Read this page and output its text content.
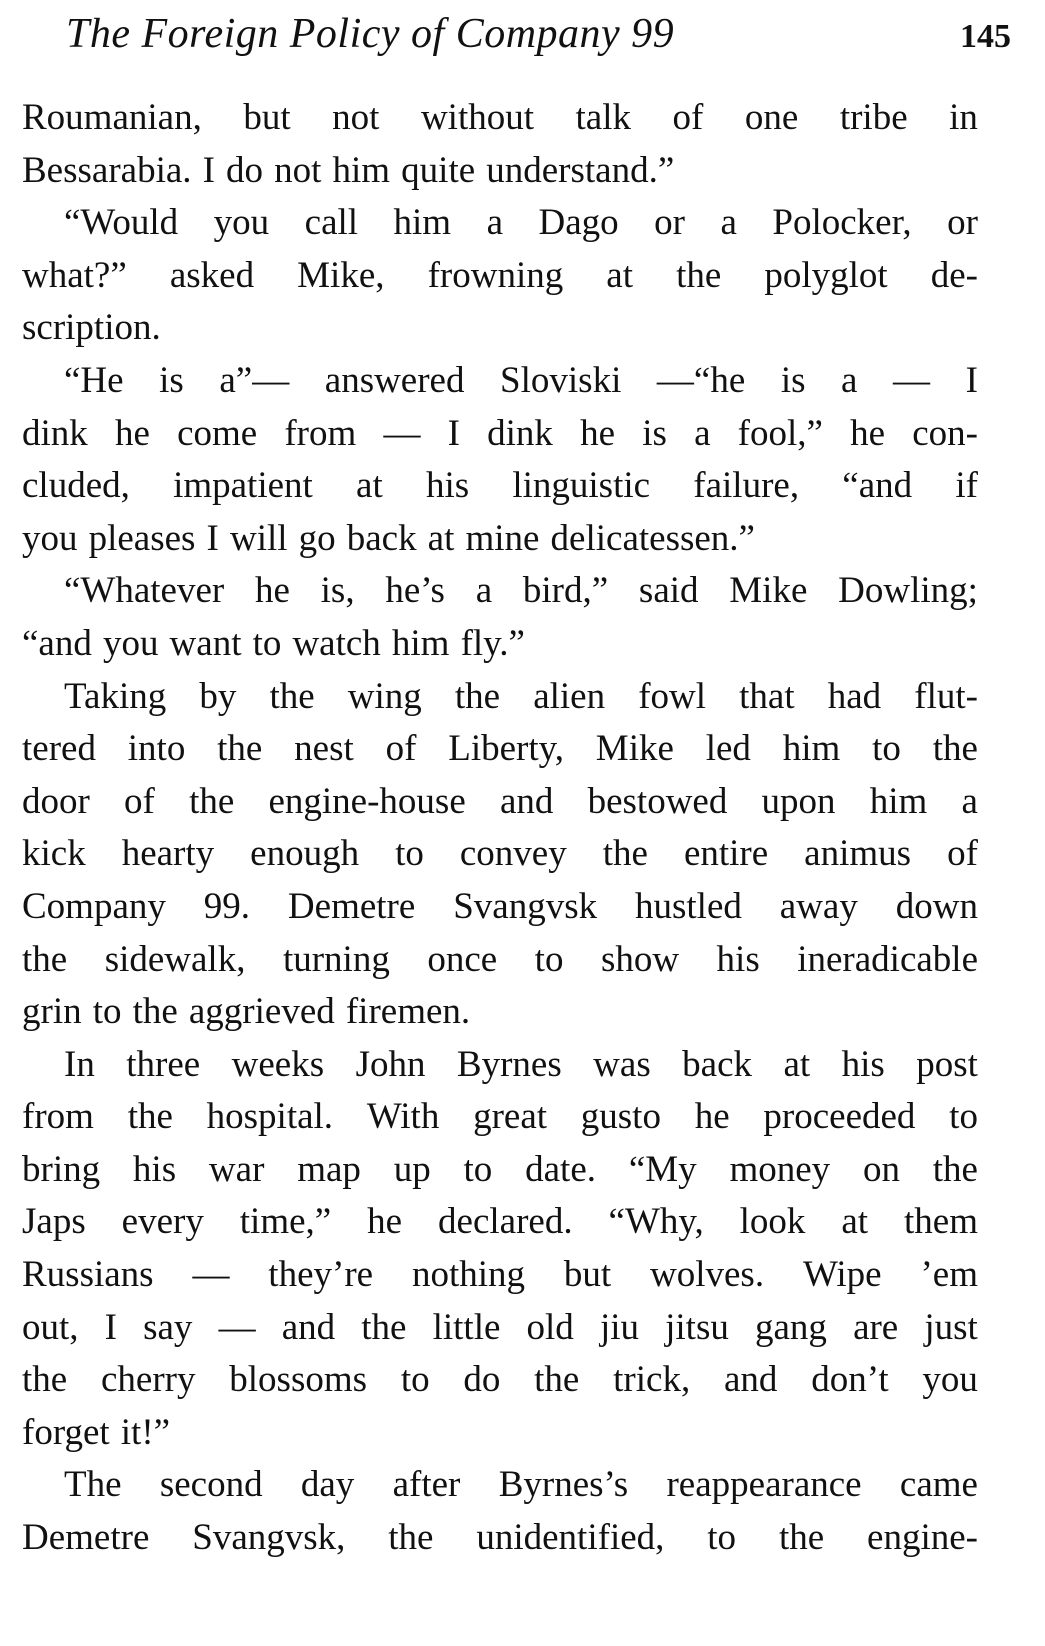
The Foreign Policy of Company 99	145
Roumanian, but not without talk of one tribe in
Bessarabia. I do not him quite understand.”
“Would you call him a Dago or a Polocker, or
what?” asked Mike, frowning at the polyglot de-
scription.
“He is a”— answered Sloviski —“he is a — I
dink he come from — I dink he is a fool,” he con-
cluded, impatient at his linguistic failure, “and if
you pleases I will go back at mine delicatessen.”
“Whatever he is, he’s a bird,” said Mike Dowling;
“and you want to watch him fly.”
Taking by the wing the alien fowl that had flut-
tered into the nest of Liberty, Mike led him to the
door of the engine-house and bestowed upon him a
kick hearty enough to convey the entire animus of
Company 99. Demetre Svangvsk hustled away down
the sidewalk, turning once to show his ineradicable
grin to the aggrieved firemen.
In three weeks John Byrnes was back at his post
from the hospital. With great gusto he proceeded to
bring his war map up to date. “My money on the
Japs every time,” he declared. “Why, look at them
Russians — they’re nothing but wolves. Wipe ’em
out, I say — and the little old jiu jitsu gang are just
the cherry blossoms to do the trick, and don’t you
forget it!”
The second day after Byrnes’s reappearance came
Demetre Svangvsk, the unidentified, to the engine-
